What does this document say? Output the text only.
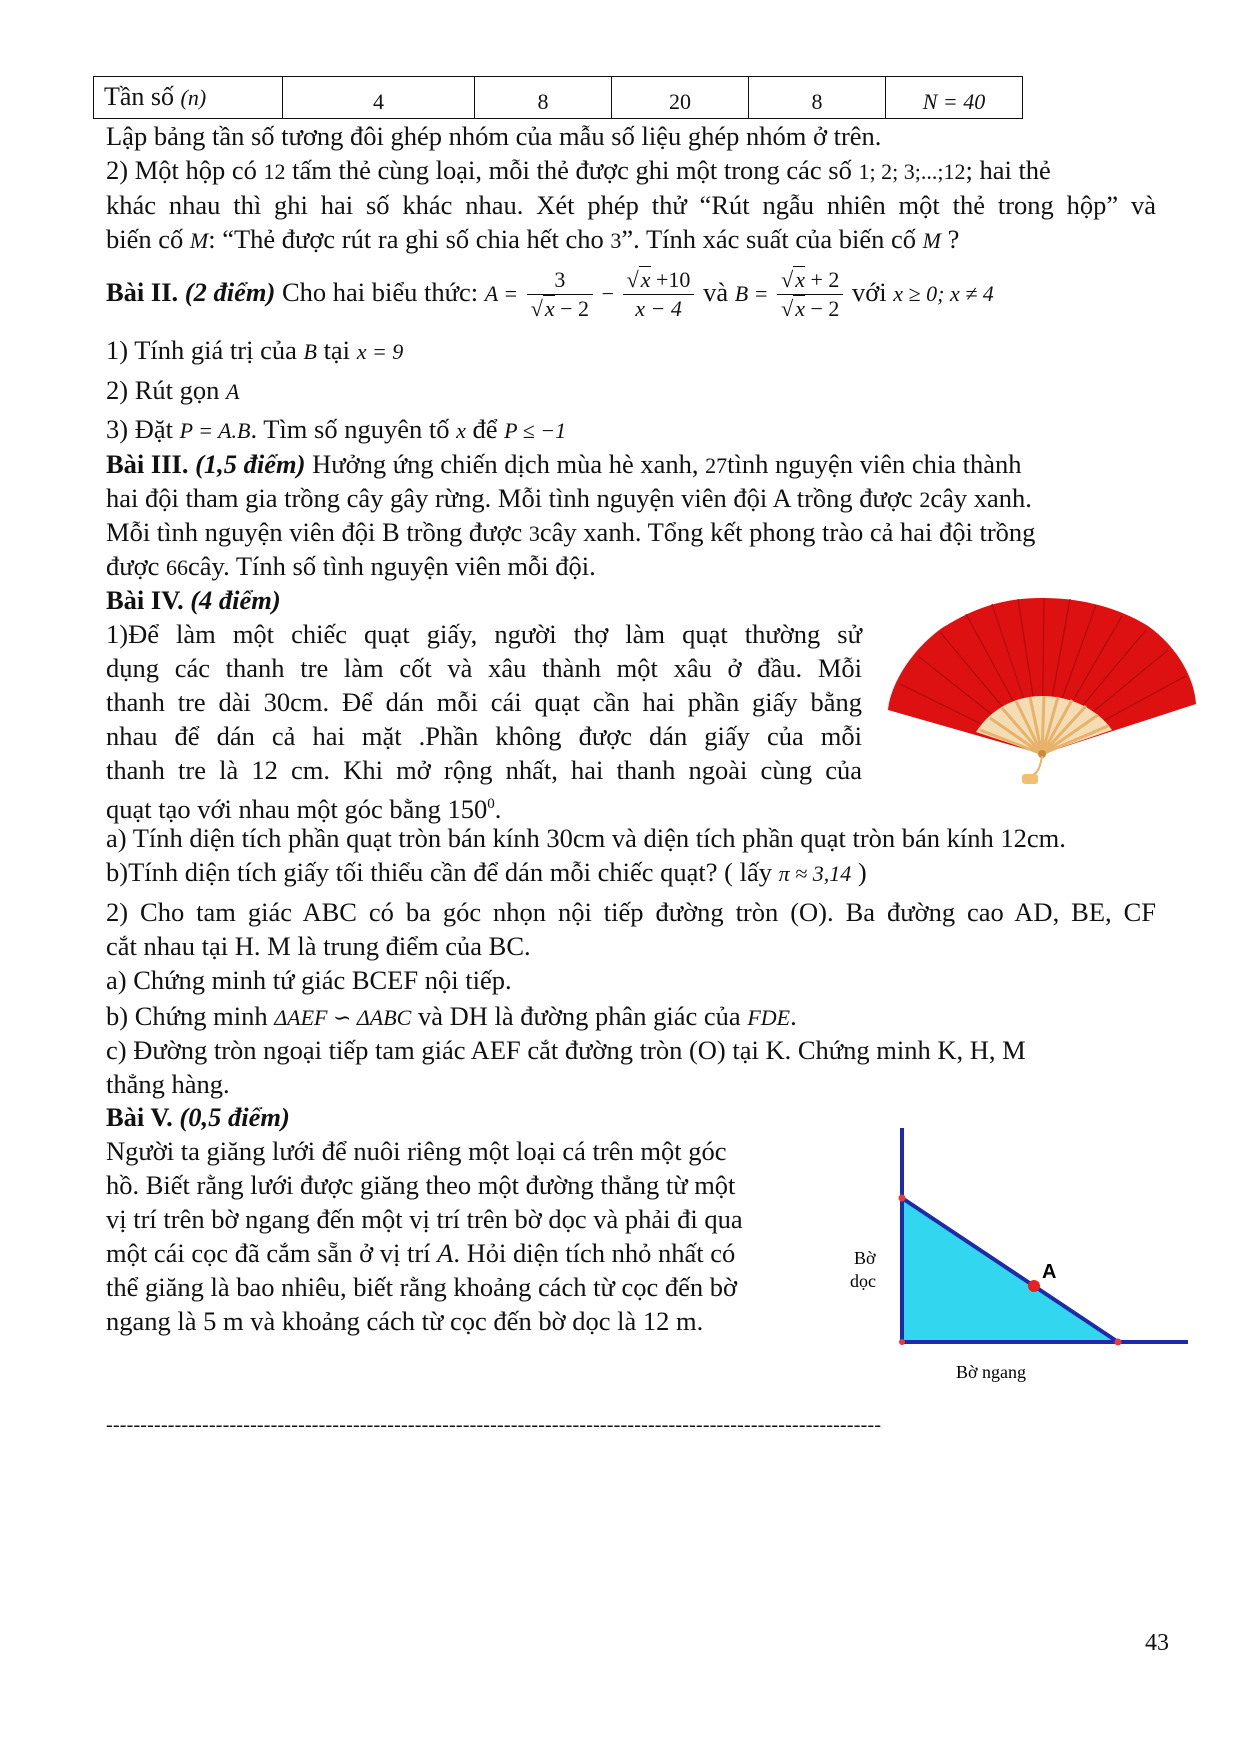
Tần số (n)	4	8	20	8	N = 40
Lập bảng tần số tương đôi ghép nhóm của mẫu số liệu ghép nhóm ở trên.
2) Một hộp có 12 tấm thẻ cùng loại, mỗi thẻ được ghi một trong các số 1; 2; 3;...;12; hai thẻ
khác nhau thì ghi hai số khác nhau. Xét phép thử “Rút ngẫu nhiên một thẻ trong hộp” và
biến cố M: “Thẻ được rút ra ghi số chia hết cho 3”. Tính xác suất của biến cố M ?
Bài II. (2 điểm) Cho hai biểu thức: $A = \frac{3}{√x - 2} - \frac{√x +10}{x - 4}$ và $B = \frac{√x + 2}{√x - 2}$ với x ≥ 0; x ≠ 4
1) Tính giá trị của B tại x = 9
2) Rút gọn A
3) Đặt P = A.B. Tìm số nguyên tố x để P ≤ −1
Bài III. (1,5 điểm) Hưởng ứng chiến dịch mùa hè xanh, 27tình nguyện viên chia thành
hai đội tham gia trồng cây gây rừng. Mỗi tình nguyện viên đội A trồng được 2cây xanh.
Mỗi tình nguyện viên đội B trồng được 3cây xanh. Tổng kết phong trào cả hai đội trồng
được 66cây. Tính số tình nguyện viên mỗi đội.
Bài IV. (4 điểm)
1)Để làm một chiếc quạt giấy, người thợ làm quạt thường sử
dụng các thanh tre làm cốt và xâu thành một xâu ở đầu. Mỗi
thanh tre dài 30cm. Để dán mỗi cái quạt cần hai phần giấy bằng
nhau để dán cả hai mặt .Phần không được dán giấy của mỗi
thanh tre là 12 cm. Khi mở rộng nhất, hai thanh ngoài cùng của
quạt tạo với nhau một góc bằng $150^0$.
a) Tính diện tích phần quạt tròn bán kính 30cm và diện tích phần quạt tròn bán kính 12cm.
b)Tính diện tích giấy tối thiểu cần để dán mỗi chiếc quạt? ( lấy π ≈ 3,14 )
2) Cho tam giác ABC có ba góc nhọn nội tiếp đường tròn (O). Ba đường cao AD, BE, CF
cắt nhau tại H. M là trung điểm của BC.
a) Chứng minh tứ giác BCEF nội tiếp.
b) Chứng minh ΔAEF ∽ ΔABC và DH là đường phân giác của FDE.
c) Đường tròn ngoại tiếp tam giác AEF cắt đường tròn (O) tại K. Chứng minh K, H, M
thẳng hàng.
Bài V. (0,5 điểm)
Người ta giăng lưới để nuôi riêng một loại cá trên một góc
hồ. Biết rằng lưới được giăng theo một đường thẳng từ một
vị trí trên bờ ngang đến một vị trí trên bờ dọc và phải đi qua
một cái cọc đã cắm sẵn ở vị trí A. Hỏi diện tích nhỏ nhất có
thể giăng là bao nhiêu, biết rằng khoảng cách từ cọc đến bờ
ngang là 5 m và khoảng cách từ cọc đến bờ dọc là 12 m.
A
Bờ
dọc
Bờ ngang
-----------------------------------------------------------------------------------------------------------------
43
